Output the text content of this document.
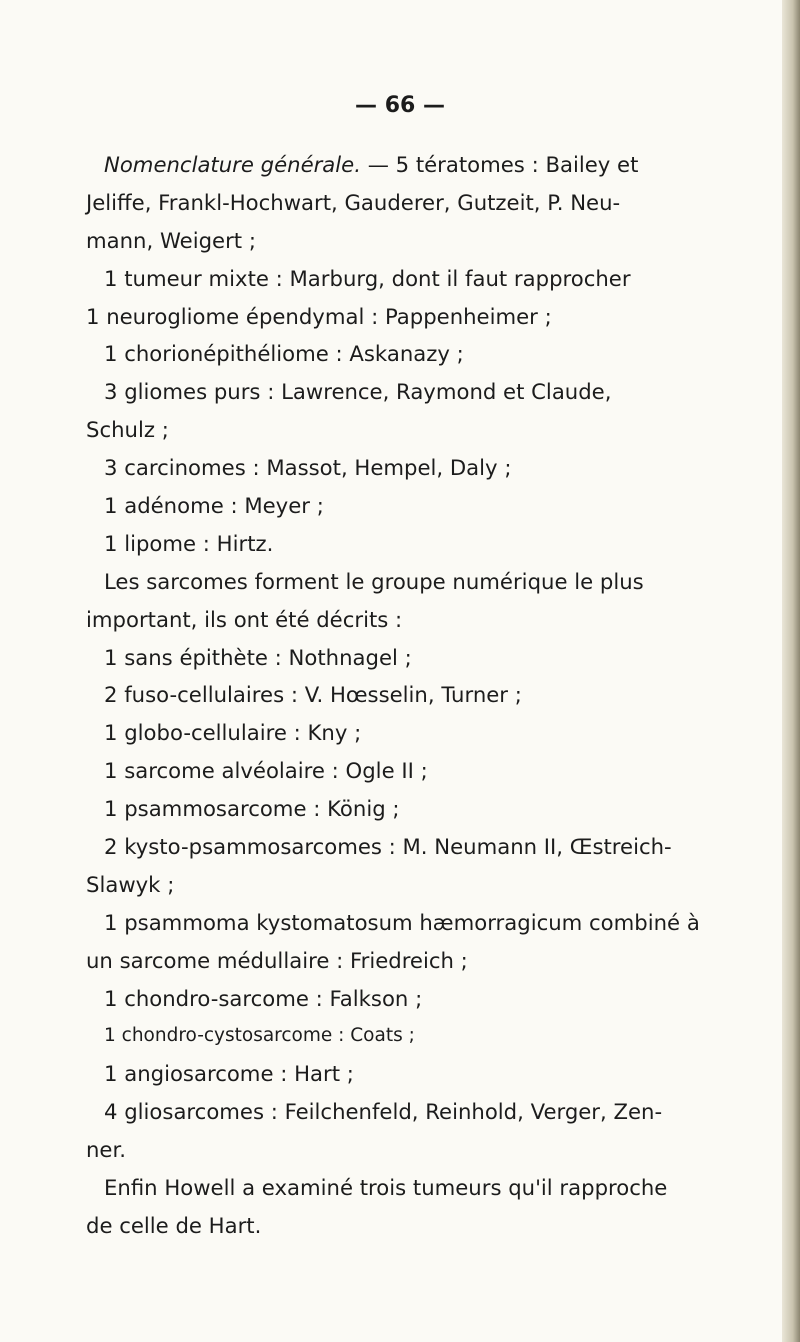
— 66 —
Nomenclature générale. — 5 tératomes : Bailey et
Jeliffe, Frankl-Hochwart, Gauderer, Gutzeit, P. Neu-
mann, Weigert ;
1 tumeur mixte : Marburg, dont il faut rapprocher
1 neurogliome épendymal : Pappenheimer ;
1 chorionépithéliome : Askanazy ;
3 gliomes purs : Lawrence, Raymond et Claude,
Schulz ;
3 carcinomes : Massot, Hempel, Daly ;
1 adénome : Meyer ;
1 lipome : Hirtz.
Les sarcomes forment le groupe numérique le plus
important, ils ont été décrits :
1 sans épithète : Nothnagel ;
2 fuso-cellulaires : V. Hœsselin, Turner ;
1 globo-cellulaire : Kny ;
1 sarcome alvéolaire : Ogle II ;
1 psammosarcome : König ;
2 kysto-psammosarcomes : M. Neumann II, Œstreich-
Slawyk ;
1 psammoma kystomatosum hæmorragicum combiné à
un sarcome médullaire : Friedreich ;
1 chondro-sarcome : Falkson ;
1 chondro-cystosarcome : Coats ;
1 angiosarcome : Hart ;
4 gliosarcomes : Feilchenfeld, Reinhold, Verger, Zen-
ner.
Enfin Howell a examiné trois tumeurs qu'il rapproche
de celle de Hart.
